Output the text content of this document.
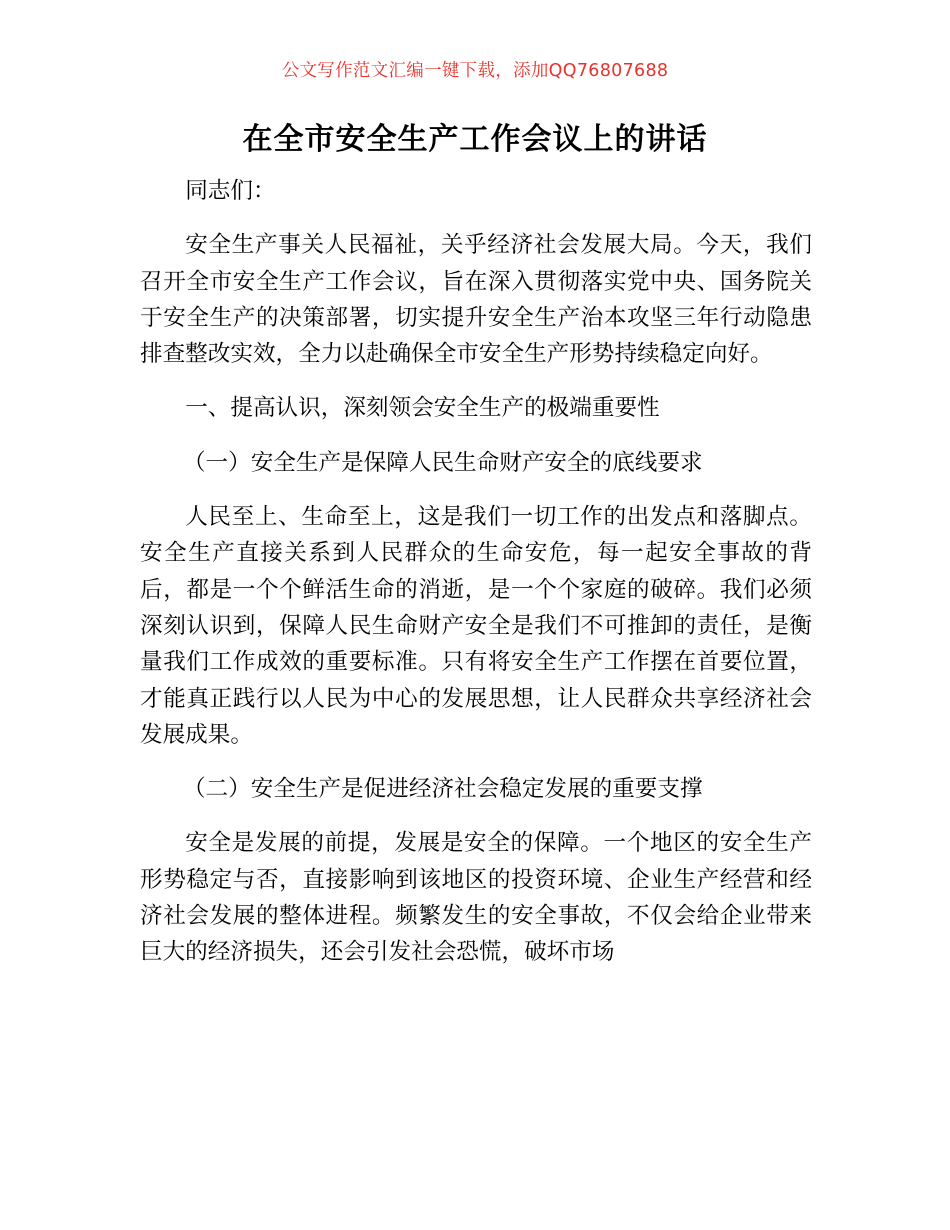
公文写作范文汇编一键下载，添加QQ76807688
在全市安全生产工作会议上的讲话

同志们：

安全生产事关人民福祉，关乎经济社会发展大局。今天，我们召开全市安全生产工作会议，旨在深入贯彻落实党中央、国务院关于安全生产的决策部署，切实提升安全生产治本攻坚三年行动隐患排查整改实效，全力以赴确保全市安全生产形势持续稳定向好。

一、提高认识，深刻领会安全生产的极端重要性

（一）安全生产是保障人民生命财产安全的底线要求

人民至上、生命至上，这是我们一切工作的出发点和落脚点。安全生产直接关系到人民群众的生命安危，每一起安全事故的背后，都是一个个鲜活生命的消逝，是一个个家庭的破碎。我们必须深刻认识到，保障人民生命财产安全是我们不可推卸的责任，是衡量我们工作成效的重要标准。只有将安全生产工作摆在首要位置，才能真正践行以人民为中心的发展思想，让人民群众共享经济社会发展成果。

（二）安全生产是促进经济社会稳定发展的重要支撑

安全是发展的前提，发展是安全的保障。一个地区的安全生产形势稳定与否，直接影响到该地区的投资环境、企业生产经营和经济社会发展的整体进程。频繁发生的安全事故，不仅会给企业带来巨大的经济损失，还会引发社会恐慌，破坏市场
